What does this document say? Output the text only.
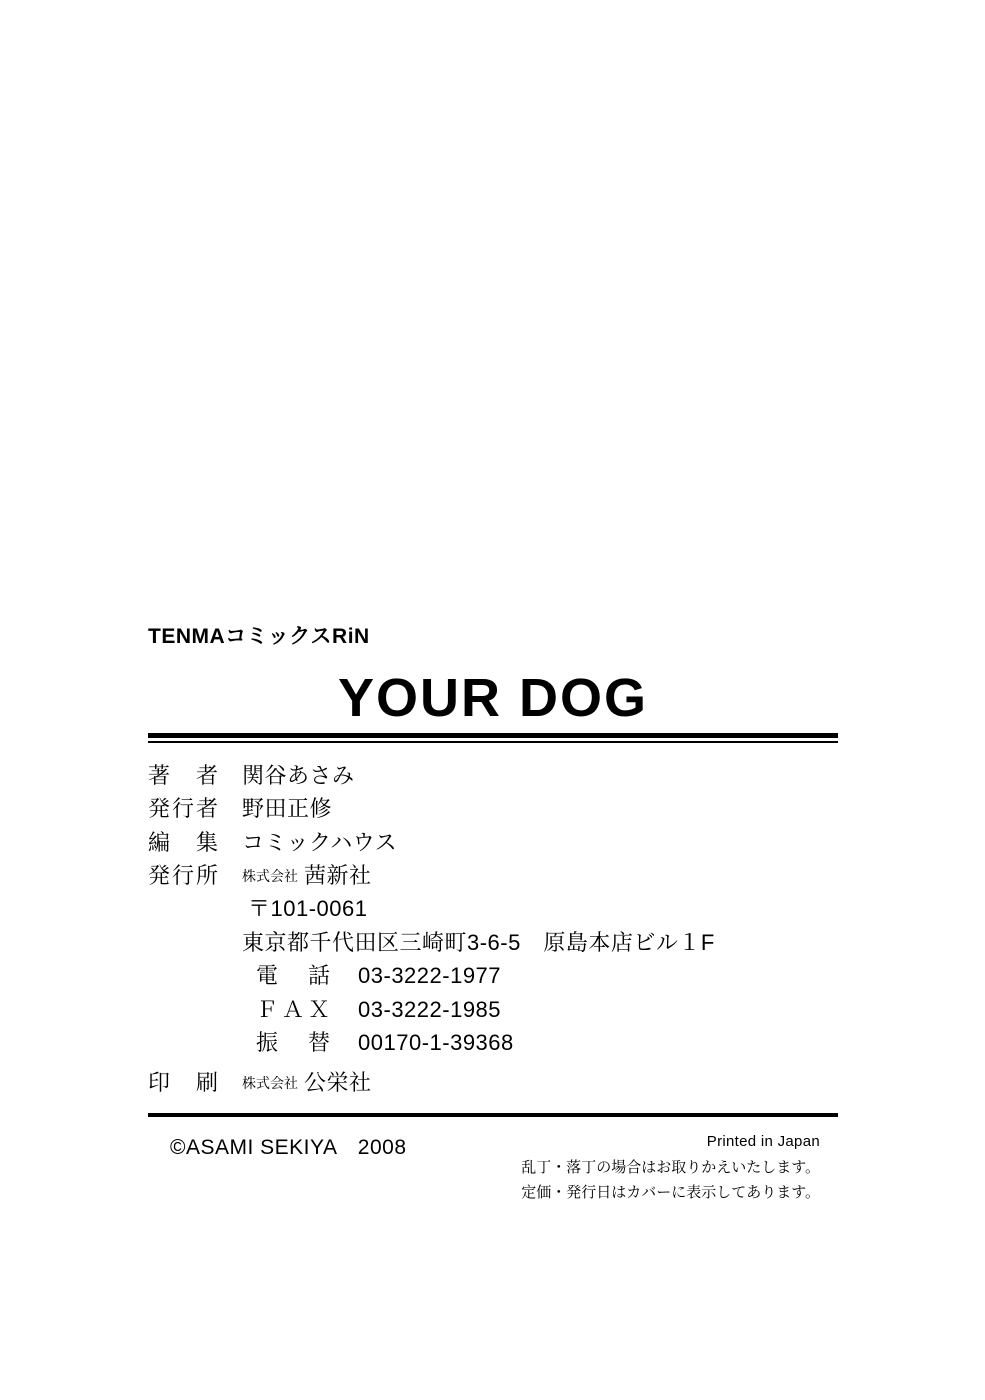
TENMAコミックスRiN
YOUR DOG
著　者 関谷あさみ
発行者 野田正修
編　集 コミックハウス
発行所	株式会社 茜新社
〒101-0061
東京都千代田区三崎町3-6-5　原島本店ビル１F
電　話 03-3222-1977
ＦＡＸ 03-3222-1985
振　替 00170-1-39368
印　刷	株式会社 公栄社
©ASAMI SEKIYA　2008	Printed in Japan
乱丁・落丁の場合はお取りかえいたします。
定価・発行日はカバーに表示してあります。
